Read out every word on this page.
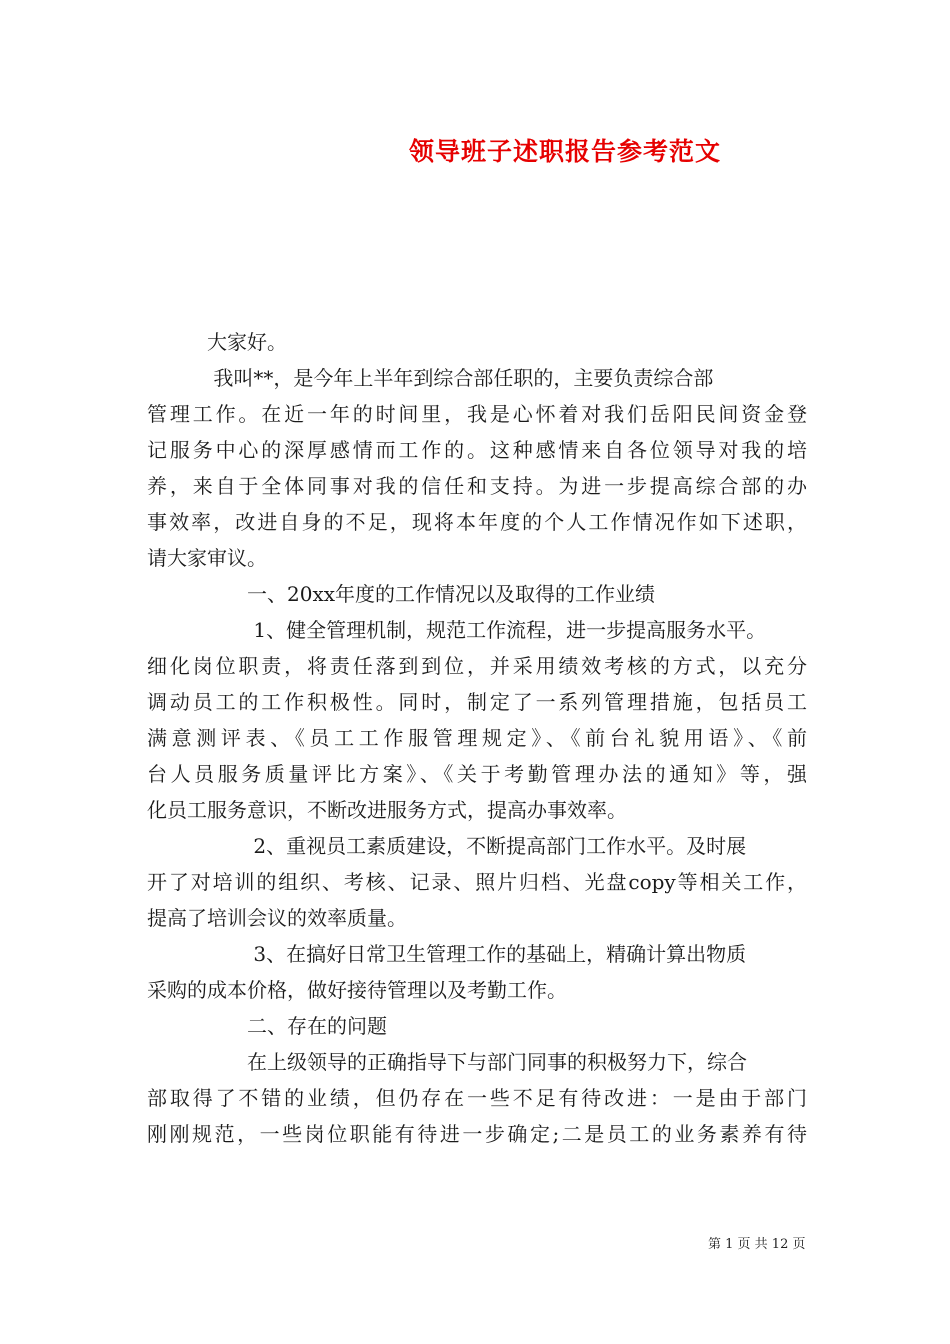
领导班子述职报告参考范文
　　　大家好。
　　　 我叫**，是今年上半年到综合部任职的，主要负责综合部
管理工作。在近一年的时间里，我是心怀着对我们岳阳民间资金登
记服务中心的深厚感情而工作的。这种感情来自各位领导对我的培
养，来自于全体同事对我的信任和支持。为进一步提高综合部的办
事效率，改进自身的不足，现将本年度的个人工作情况作如下述职，
请大家审议。
　　　　　一、20xx年度的工作情况以及取得的工作业绩
　　　　　 1、健全管理机制，规范工作流程，进一步提高服务水平。
细化岗位职责，将责任落到到位，并采用绩效考核的方式，以充分
调动员工的工作积极性。同时，制定了一系列管理措施，包括员工
满意测评表、《员工工作服管理规定》、《前台礼貌用语》、《前
台人员服务质量评比方案》、《关于考勤管理办法的通知》等，强
化员工服务意识，不断改进服务方式，提高办事效率。
　　　　　 2、重视员工素质建设，不断提高部门工作水平。及时展
开了对培训的组织、考核、记录、照片归档、光盘copy等相关工作，
提高了培训会议的效率质量。
　　　　　 3、在搞好日常卫生管理工作的基础上，精确计算出物质
采购的成本价格，做好接待管理以及考勤工作。
　　　　　二、存在的问题
　　　　　在上级领导的正确指导下与部门同事的积极努力下，综合
部取得了不错的业绩，但仍存在一些不足有待改进：一是由于部门
刚刚规范，一些岗位职能有待进一步确定;二是员工的业务素养有待
第 1 页 共 12 页
